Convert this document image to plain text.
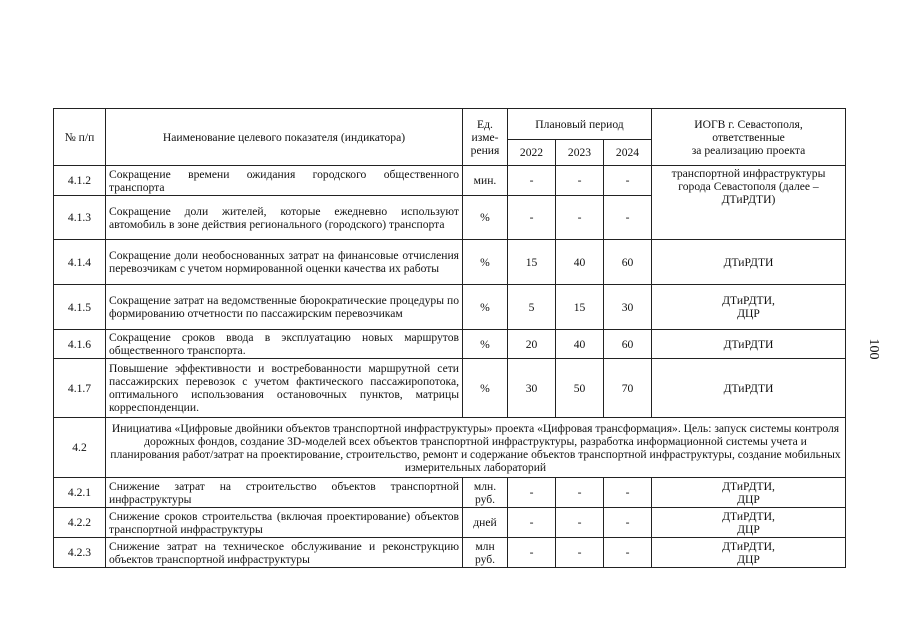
№ п/п	Наименование целевого показателя (индикатора)	Ед.
изме-
рения	Плановый период			ИОГВ г. Севастополя,
ответственные
за реализацию проекта
			2022	2023	2024	
4.1.2	Сокращение времени ожидания городского общественного транспорта	мин.	-	-	-	транспортной инфраструктуры города Севастополя (далее – ДТиРДТИ)
4.1.3	Сокращение доли жителей, которые ежедневно используют автомобиль в зоне действия регионального (городского) транспорта	%	-	-	-	
4.1.4	Сокращение доли необоснованных затрат на финансовые отчисления перевозчикам с учетом нормированной оценки качества их работы	%	15	40	60	ДТиРДТИ
4.1.5	Сокращение затрат на ведомственные бюрократические процедуры по формированию отчетности по пассажирским перевозчикам	%	5	15	30	ДТиРДТИ,
ДЦР
4.1.6	Сокращение сроков ввода в эксплуатацию новых маршрутов общественного транспорта.	%	20	40	60	ДТиРДТИ
4.1.7	Повышение эффективности и востребованности маршрутной сети пассажирских перевозок с учетом фактического пассажиропотока, оптимального использования остановочных пунктов, матрицы корреспонденции.	%	30	50	70	ДТиРДТИ
4.2	Инициатива «Цифровые двойники объектов транспортной инфраструктуры» проекта «Цифровая трансформация». Цель: запуск системы контроля дорожных фондов, создание 3D-моделей всех объектов транспортной инфраструктуры, разработка информационной системы учета и планирования работ/затрат на проектирование, строительство, ремонт и содержание объектов транспортной инфраструктуры, создание мобильных измерительных лабораторий					
4.2.1	Снижение затрат на строительство объектов транспортной инфраструктуры	млн.
руб.	-	-	-	ДТиРДТИ,
ДЦР
4.2.2	Снижение сроков строительства (включая проектирование) объектов транспортной инфраструктуры	дней	-	-	-	ДТиРДТИ,
ДЦР
4.2.3	Снижение затрат на техническое обслуживание и реконструкцию объектов транспортной инфраструктуры	млн
руб.	-	-	-	ДТиРДТИ,
ДЦР
100
